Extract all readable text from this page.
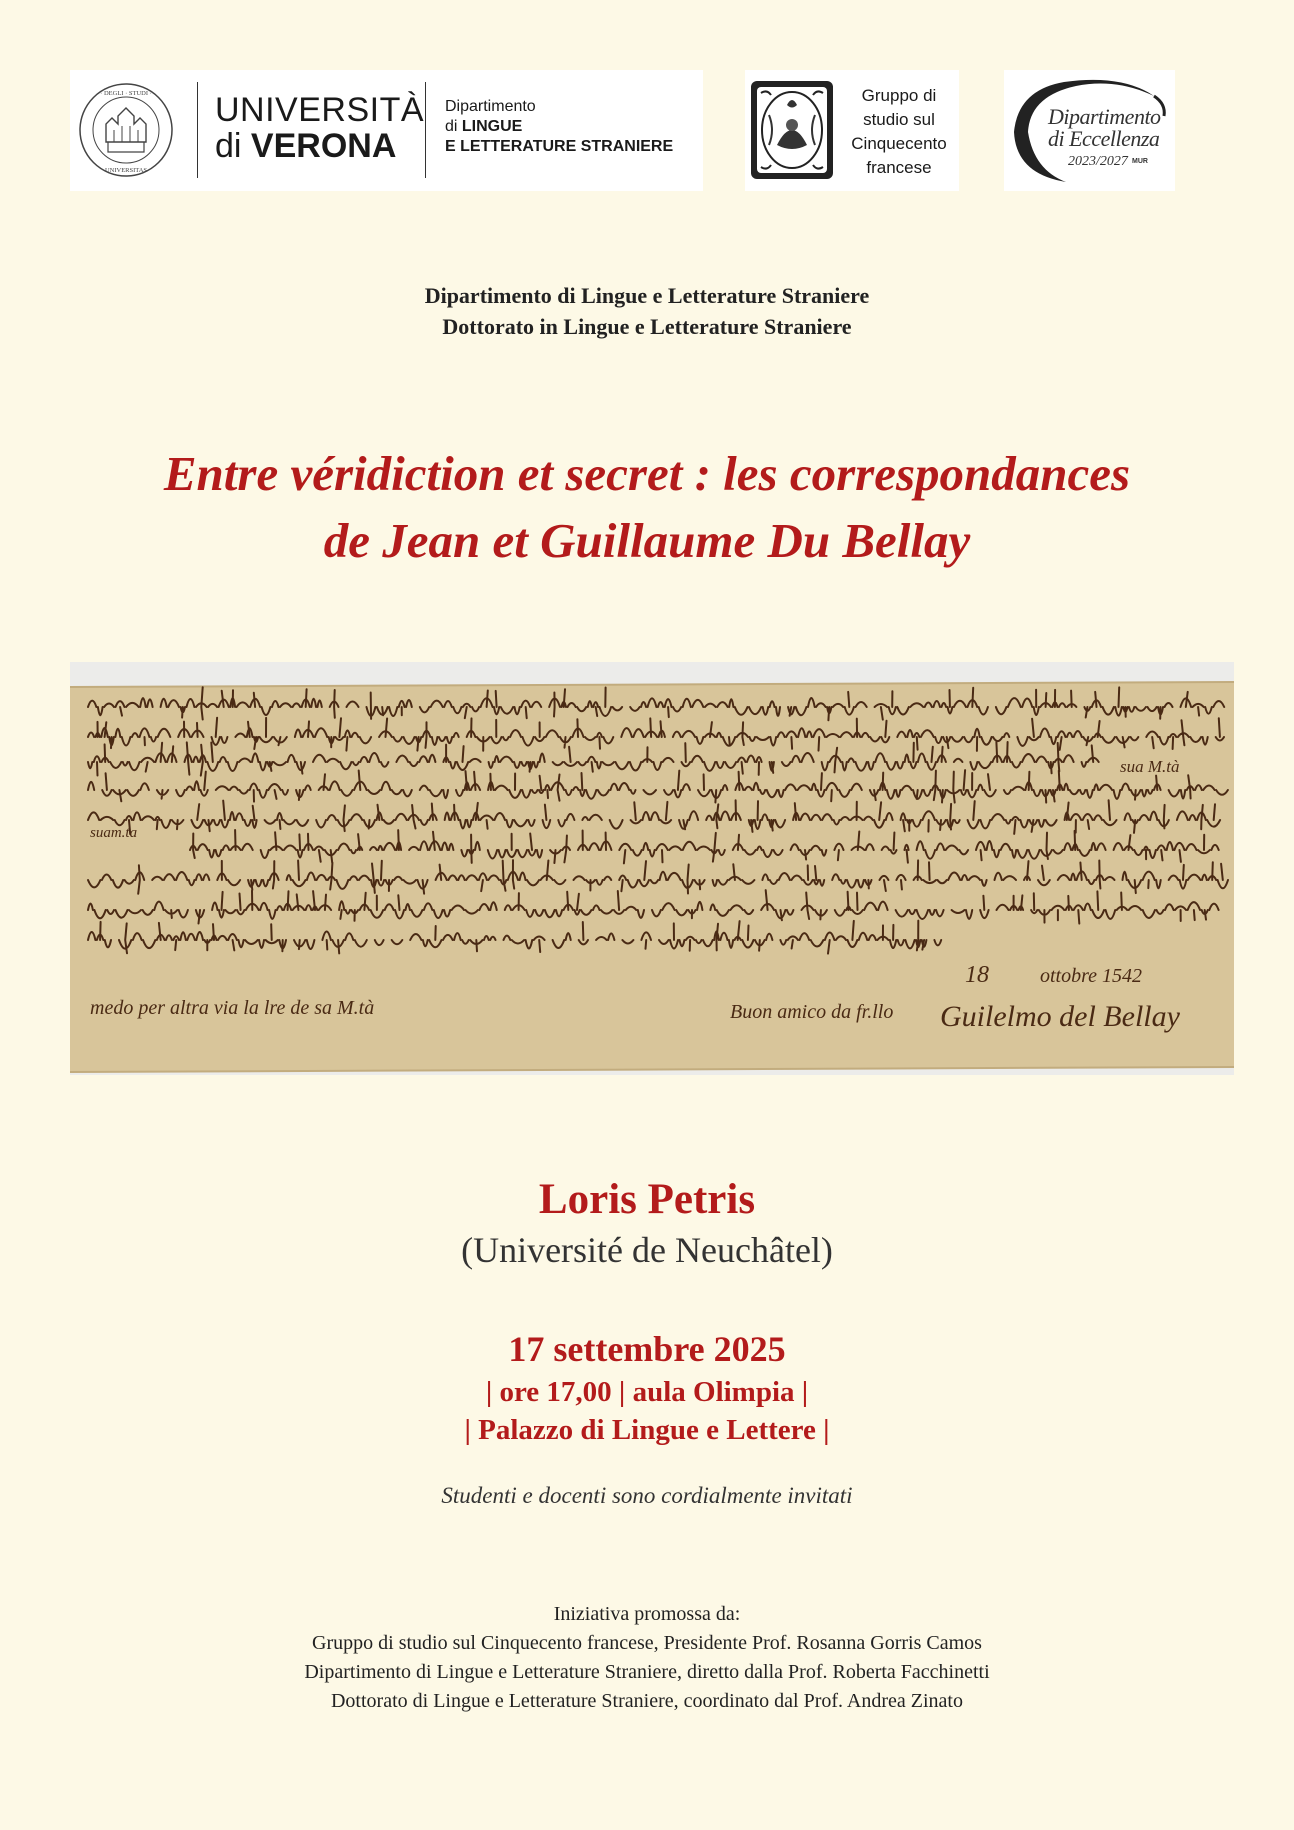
· DEGLI · STUDI ·
UNIVERSITAS
UNIVERSITÀ
di VERONA
Dipartimento
di LINGUE
E LETTERATURE STRANIERE
Gruppo di
studio sul
Cinquecento
francese
Dipartimento
di Eccellenza
2023/2027 MUR
Dipartimento di Lingue e Letterature Straniere
Dottorato in Lingue e Letterature Straniere
Entre véridiction et secret : les correspondances
de Jean et Guillaume Du Bellay
18	ottobre 1542
Buon amico da fr.llo Guilelmo del Bellay
sua M.tà
suam.ta
medo per altra via la lre de sa M.tà
Loris Petris
(Université de Neuchâtel)
17 settembre 2025
| ore 17,00 | aula Olimpia |
| Palazzo di Lingue e Lettere |
Studenti e docenti sono cordialmente invitati
Iniziativa promossa da:
Gruppo di studio sul Cinquecento francese, Presidente Prof. Rosanna Gorris Camos
Dipartimento di Lingue e Letterature Straniere, diretto dalla Prof. Roberta Facchinetti
Dottorato di Lingue e Letterature Straniere, coordinato dal Prof. Andrea Zinato
